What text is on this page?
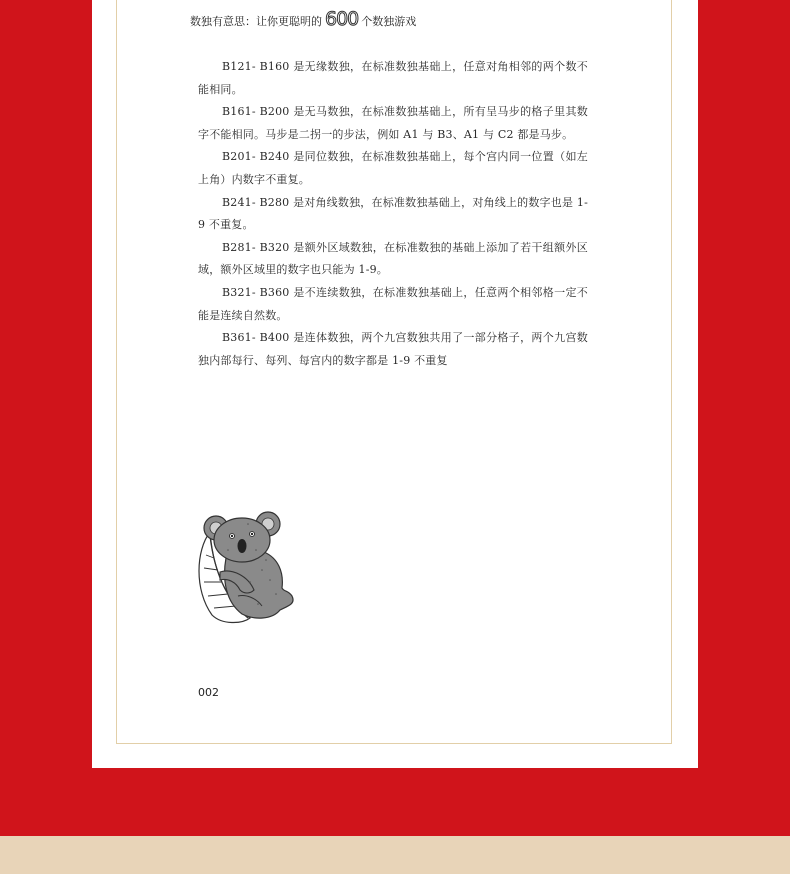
数独有意思：让你更聪明的 600 个数独游戏

B121- B160 是无缘数独，在标准数独基础上，任意对角相邻的两个数不能相同。

B161- B200 是无马数独，在标准数独基础上，所有呈马步的格子里其数字不能相同。马步是二拐一的步法，例如 A1 与 B3、A1 与 C2 都是马步。

B201- B240 是同位数独，在标准数独基础上，每个宫内同一位置（如左上角）内数字不重复。

B241- B280 是对角线数独，在标准数独基础上，对角线上的数字也是 1-9 不重复。

B281- B320 是额外区域数独，在标准数独的基础上添加了若干组额外区域，额外区域里的数字也只能为 1-9。

B321- B360 是不连续数独，在标准数独基础上，任意两个相邻格一定不能是连续自然数。

B361- B400 是连体数独，两个九宫数独共用了一部分格子，两个九宫数独内部每行、每列、每宫内的数字都是 1-9 不重复

002
